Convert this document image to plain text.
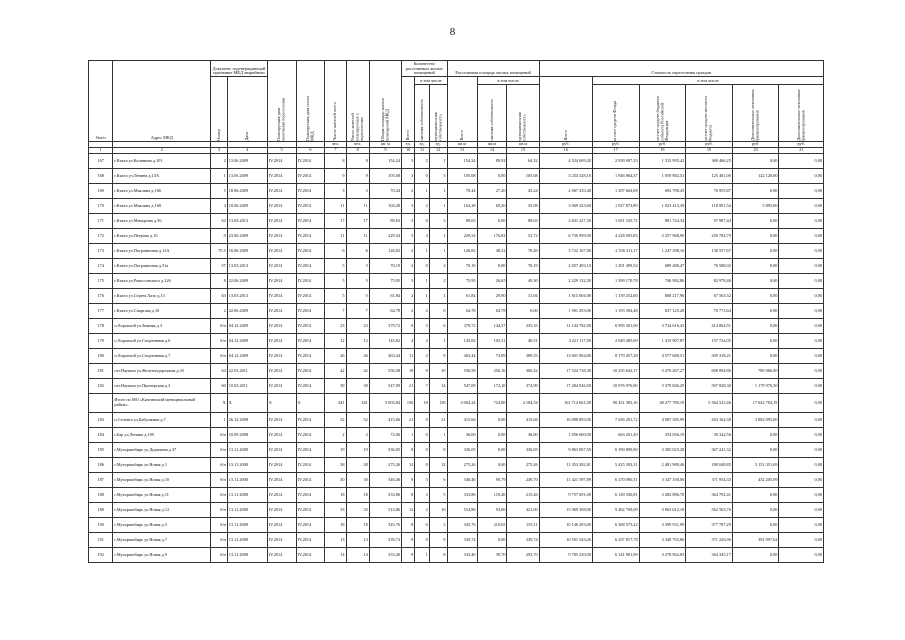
8
№п/п	Адрес МКД	Документ, подтверждающий признание МКД аварийным		Планируемая дата окончания переселения	Планируемая дата сноса МКД	Число жителей всего	Число жителей планируемых к переселению	Общая площадь жилых помещений МКД	Количество расселяемых жилых помещений			Расселяемая площадь жилых помещений			Стоимость переселения граждан					

		Номер	Дата						Всего	в том числе		Всего	в том числе		Всего	в том числе				

										частная собственность	муниципальная собственность		частная собственность	муниципальная собственность		за счет средств Фонда	за счет средств бюджета субъекта Российской Федерации	за счет средств местного бюджета	Дополнительные источники финансирования	Дополнительные источники финансирования

						чел.	чел.	кв. м	ед.	ед.	ед.	кв.м	кв.м	кв.м	руб.	руб.	руб.	руб.	руб.	руб.
1	2	3	4	5	6	7	8	9	10	11	12	13	14	15	16	17	18	19	20	21
167	г.Кяхта ул.Калинина д.101	2	13.06.2009	IV.2014	IV.2014	8	8	154,24	3	2	1	154,24	89,92	64,32	4 524 609,20	2 839 097,33	1 315 995,42	369 466,25	0,00	0,00
168	г.Кяхта ул.Ленина д.13А	1	13.06.2009	IV.2014	IV.2014	9	9	105,68	3	0	3	105,68	0,00	105,68	3 254 328,10	1 946 864,37	1 059 882,53	125 461,00	122 120,00	0,00
169	г.Кяхта ул.Маклина д.166	5	18.06.2009	IV.2014	IV.2014	3	3	70,44	2	1	1	70,44	27,20	43,24	2 067 410,40	1 297 664,08	692 790,45	76 955,87	0,00	0,00
170	г.Кяхта ул.Маклина д.168	4	18.06.2009	IV.2014	IV.2014	11	11	104,28	3	2	1	104,28	69,20	35,08	3 069 423,60	1 927 873,89	1 023 413,39	118 991,54	5 895,00	0,00
171	г.Кяхта ул.Мичурина д.56	62	13.03.2013	IV.2014	IV.2014	17	17	89,63	3	0	3	89,63	0,00	89,63	2 631 227,30	1 651 335,72	881 724,34	97 987,44	0,00	0,00
172	г.Кяхта ул.Петрова д.10	9	23.06.2009	IV.2014	IV.2014	11	11	229,54	5	4	1	229,54	176,82	52,72	6 736 999,00	4 228 695,83	2 257 968,90	250 784,79	0,00	0,00
173	г.Кяхта ул.Пограничная д.13А	70.5	16.06.2009	IV.2014	IV.2014	6	6	126,82	2	1	1	126,82	48,32	78,49	3 722 167,00	2 336 311,17	1 247 298,16	138 557,67	0,00	0,00
174	г.Кяхта ул.Пограничная д.51а	57	13.03.2013	IV.2014	IV.2014	5	5	70,19	2	0	2	70,19	0,00	70,19	2 057 493,10	1 291 499,54	689 486,47	76 588,02	0,00	0,00
175	г.Кяхта ул.Рокоссовского д.126	8	22.06.2009	IV.2014	IV.2014	5	5	75,95	3	1	2	75,95	26,65	49,30	2 229 132,50	1 399 170,78	746 982,86	82 978,46	0,00	0,00
176	г.Кяхта ул.Сергея Лазо д.13	63	13.03.2013	IV.2014	IV.2014	5	5	61,84	2	1	1	61,84	29,90	31,94	1 815 004,00	1 139 252,60	608 217,96	67 563,52	0,00	0,00
177	г.Кяхта ул.Спартака д.16	2	22.06.2009	IV.2014	IV.2014	7	7	64,78	2	2	0	64,78	64,78	0,00	1 901 293,00	1 193 394,48	637 125,28	70 773,64	0,00	0,00
178	п.Хоронхой ул.Зимняя д.3	б/н	04.12.2009	IV.2014	IV.2014	23	23	379,72	9	3	6	379,72	144,37	235,35	11 144 782,00	6 995 301,00	3 734 616,43	414 864,51	0,00	0,00
179	п.Хоронхой ул.Спортивная д.6	б/н	04.12.2009	IV.2014	IV.2014	12	12	143,82	4	3	1	143,82	103,31	40,51	4 221 117,00	2 649 485,09	1 415 907,87	157 724,05	0,00	0,00
180	п.Хоронхой ул.Спортивная д.7	б/н	04.12.2009	IV.2014	IV.2014	26	26	463,44	11	2	9	463,44	73,89	389,55	13 601 964,00	8 179 457,28	4 577 688,51	509 318,21	0,00	0,00
181	пгт.Наушки ул.Железнодорожная д.35	64	22.03.2011	IV.2014	IV.2014	42	42	556,58	19	9	10	556,58	256,16	300,42	17 524 738,30	10 235 642,17	5 470 467,27	608 094,86	780 066,00	0,00
182	пгт.Наушки ул.Пионерская д.3	60	10.03.2011	IV.2014	IV.2014	39	39	547,09	21	7	14	547,09	172,10	374,99	17 284 926,50	10 076 976,90	5 379 846,29	597 828,30	1 179 976,50	0,00
	Итого по МО «Кяхтинский муниципальный район»:	X	X	X	X	341	341	5 003,84	156	18	138	4 904,24	724,80	4 184,54	161 714 661,00	90 431 383,16	48 277 780,19	5 364 523,46	17 642 784,19	0,00
183	п.Селенга ул.Бабушкина д.7	1	26.12.2008	IV.2014	IV.2014	52	52	415,66	21	0	21	415,66	0,00	415,66	16 098 893,00	7 656 291,72	4 087 385,99	454 162,38	3 882 095,00	0,00
184	г.Бар ул.Ленина д.109	б/н	10.09.2008	IV.2014	IV.2014	2	2	72,06	1	0	1	36,00	0,00	36,00	1 056 600,00	663 201,49	354 056,19	39 342,56	0,00	0,00
185	г.Мухоршибирь ул.Доржиева д.37	б/н	13.11.2008	IV.2014	IV.2014	19	19	336,05	8	0	8	336,05	0,00	336,05	9 863 067,50	6 190 809,90	3 305 023,28	367 241,32	0,00	0,00
186	г.Мухоршибирь ул.Новая д.1	б/н	13.11.2008	IV.2014	IV.2014	28	28	275,26	12	0	12	275,26	0,00	275,26	11 353 282,81	5 425 392,31	2 481 989,46	298 048,85	3 151 351,69	0,00
187	г.Мухоршибирь ул.Новая д.10	б/н	13.11.2008	IV.2014	IV.2014	30	30	340,46	9	3	6	340,46	90,79	249,70	11 421 597,89	6 270 090,31	3 347 100,06	371 954,33	432 205,09	0,00
188	г.Мухоршибирь ул.Новая д.11	б/н	13.11.2008	IV.2014	IV.2014	18	18	333,86	8	3	5	333,86	118,40	215,46	9 757 691,00	6 149 330,81	3 282 886,78	364 792,41	0,00	0,00
189	г.Мухоршибирь ул.Новая д.12	б/н	13.11.2008	IV.2014	IV.2014	33	33	514,86	12	2	10	514,86	93,86	421,00	15 069 308,00	9 482 769,09	5 063 612,18	562 563,76	0,00	0,00
190	г.Мухоршибирь ул.Новая д.5	б/н	13.11.2008	IV.2014	IV.2014	18	18	345,76	8	6	2	345,76	210,65	135,11	10 146 293,00	6 368 575,22	3 399 931,99	377 787,29	0,00	0,00
191	г.Мухоршибирь ул.Новая д.7	б/н	13.11.2008	IV.2014	IV.2014	13	13	339,74	9	0	9	339,74	0,00	339,74	10 501 543,26	6 257 817,78	3 340 792,86	371 226,96	391 997,62	0,00
192	г.Мухоршибирь ул.Новая д.9	б/н	13.11.2008	IV.2014	IV.2014	14	14	333,40	9	1	8	333,40	39,70	293,70	9 785 230,00	6 141 981,99	3 278 962,83	364 345,17	0,00	0,00
